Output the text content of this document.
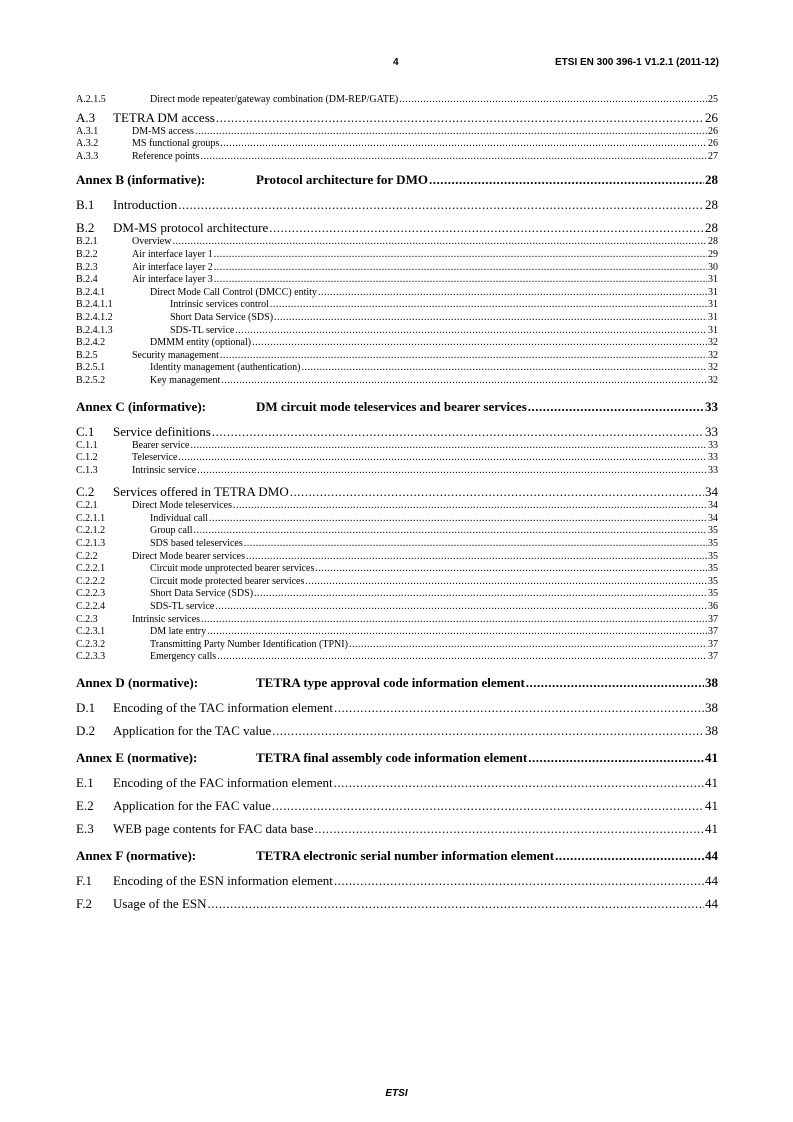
4	ETSI EN 300 396-1 V1.2.1 (2011-12)
A.2.1.5	Direct mode repeater/gateway combination (DM-REP/GATE) .....	25
A.3	TETRA DM access .....	26
A.3.1	DM-MS access .....	26
A.3.2	MS functional groups .....	26
A.3.3	Reference points .....	27
Annex B (informative):	Protocol architecture for DMO .....	28
B.1	Introduction .....	28
B.2	DM-MS protocol architecture .....	28
B.2.1	Overview .....	28
B.2.2	Air interface layer 1 .....	29
B.2.3	Air interface layer 2 .....	30
B.2.4	Air interface layer 3 .....	31
B.2.4.1	Direct Mode Call Control (DMCC) entity .....	31
B.2.4.1.1	Intrinsic services control .....	31
B.2.4.1.2	Short Data Service (SDS) .....	31
B.2.4.1.3	SDS-TL service .....	31
B.2.4.2	DMMM entity (optional) .....	32
B.2.5	Security management .....	32
B.2.5.1	Identity management (authentication) .....	32
B.2.5.2	Key management .....	32
Annex C (informative):	DM circuit mode teleservices and bearer services .....	33
C.1	Service definitions .....	33
C.1.1	Bearer service .....	33
C.1.2	Teleservice .....	33
C.1.3	Intrinsic service .....	33
C.2	Services offered in TETRA DMO .....	34
C.2.1	Direct Mode teleservices .....	34
C.2.1.1	Individual call .....	34
C.2.1.2	Group call .....	35
C.2.1.3	SDS based teleservices .....	35
C.2.2	Direct Mode bearer services .....	35
C.2.2.1	Circuit mode unprotected bearer services .....	35
C.2.2.2	Circuit mode protected bearer services .....	35
C.2.2.3	Short Data Service (SDS) .....	35
C.2.2.4	SDS-TL service .....	36
C.2.3	Intrinsic services .....	37
C.2.3.1	DM late entry .....	37
C.2.3.2	Transmitting Party Number Identification (TPNI) .....	37
C.2.3.3	Emergency calls .....	37
Annex D (normative):	TETRA type approval code information element .....	38
D.1	Encoding of the TAC information element .....	38
D.2	Application for the TAC value .....	38
Annex E (normative):	TETRA final assembly code information element .....	41
E.1	Encoding of the FAC information element .....	41
E.2	Application for the FAC value .....	41
E.3	WEB page contents for FAC data base .....	41
Annex F (normative):	TETRA electronic serial number information element .....	44
F.1	Encoding of the ESN information element .....	44
F.2	Usage of the ESN .....	44
ETSI
